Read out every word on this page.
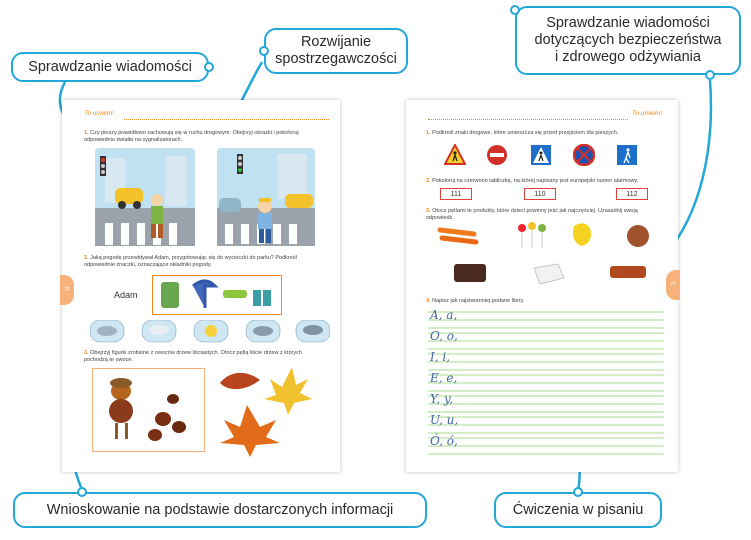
To umiem!
76
1. Czy pieszy prawidłowo zachowują się w ruchu drogowym. Obejrzyj obrazki i pokoloruj odpowiednio światła na sygnalizatorach.
2. Jaką pogodę przewidywał Adam, przygotowując się do wycieczki do parku? Podkreśl odpowiednie znaczki, oznaczające składniki pogody.
Adam
3. Obejrzyj figurki zrobione z owoców drzew liściastych. Otocz pętlą liście drzew z których pochodzą te owoce.
To umiem!
77
1. Podkreśl znaki drogowe, które umieszcza się przed przejściem dla pieszych.
2. Pokoloruj na czerwono tabliczkę, na której napisany jest europejski numer alarmowy.
111	110	112
3. Otocz pętlami te produkty, które dzieci powinny jeść jak najczęściej. Uzasadnij swoją odpowiedź.
4. Napisz jak najstaranniej podane litery.
A, a,
O, o,
I, i,
E, e,
Y, y,
U, u,
Ó, ó,
Sprawdzanie wiadomości
Rozwijanie
spostrzegawczości
Sprawdzanie wiadomości
dotyczących bezpieczeństwa
i zdrowego odżywiania
Wnioskowanie na podstawie dostarczonych informacji	Ćwiczenia w pisaniu
